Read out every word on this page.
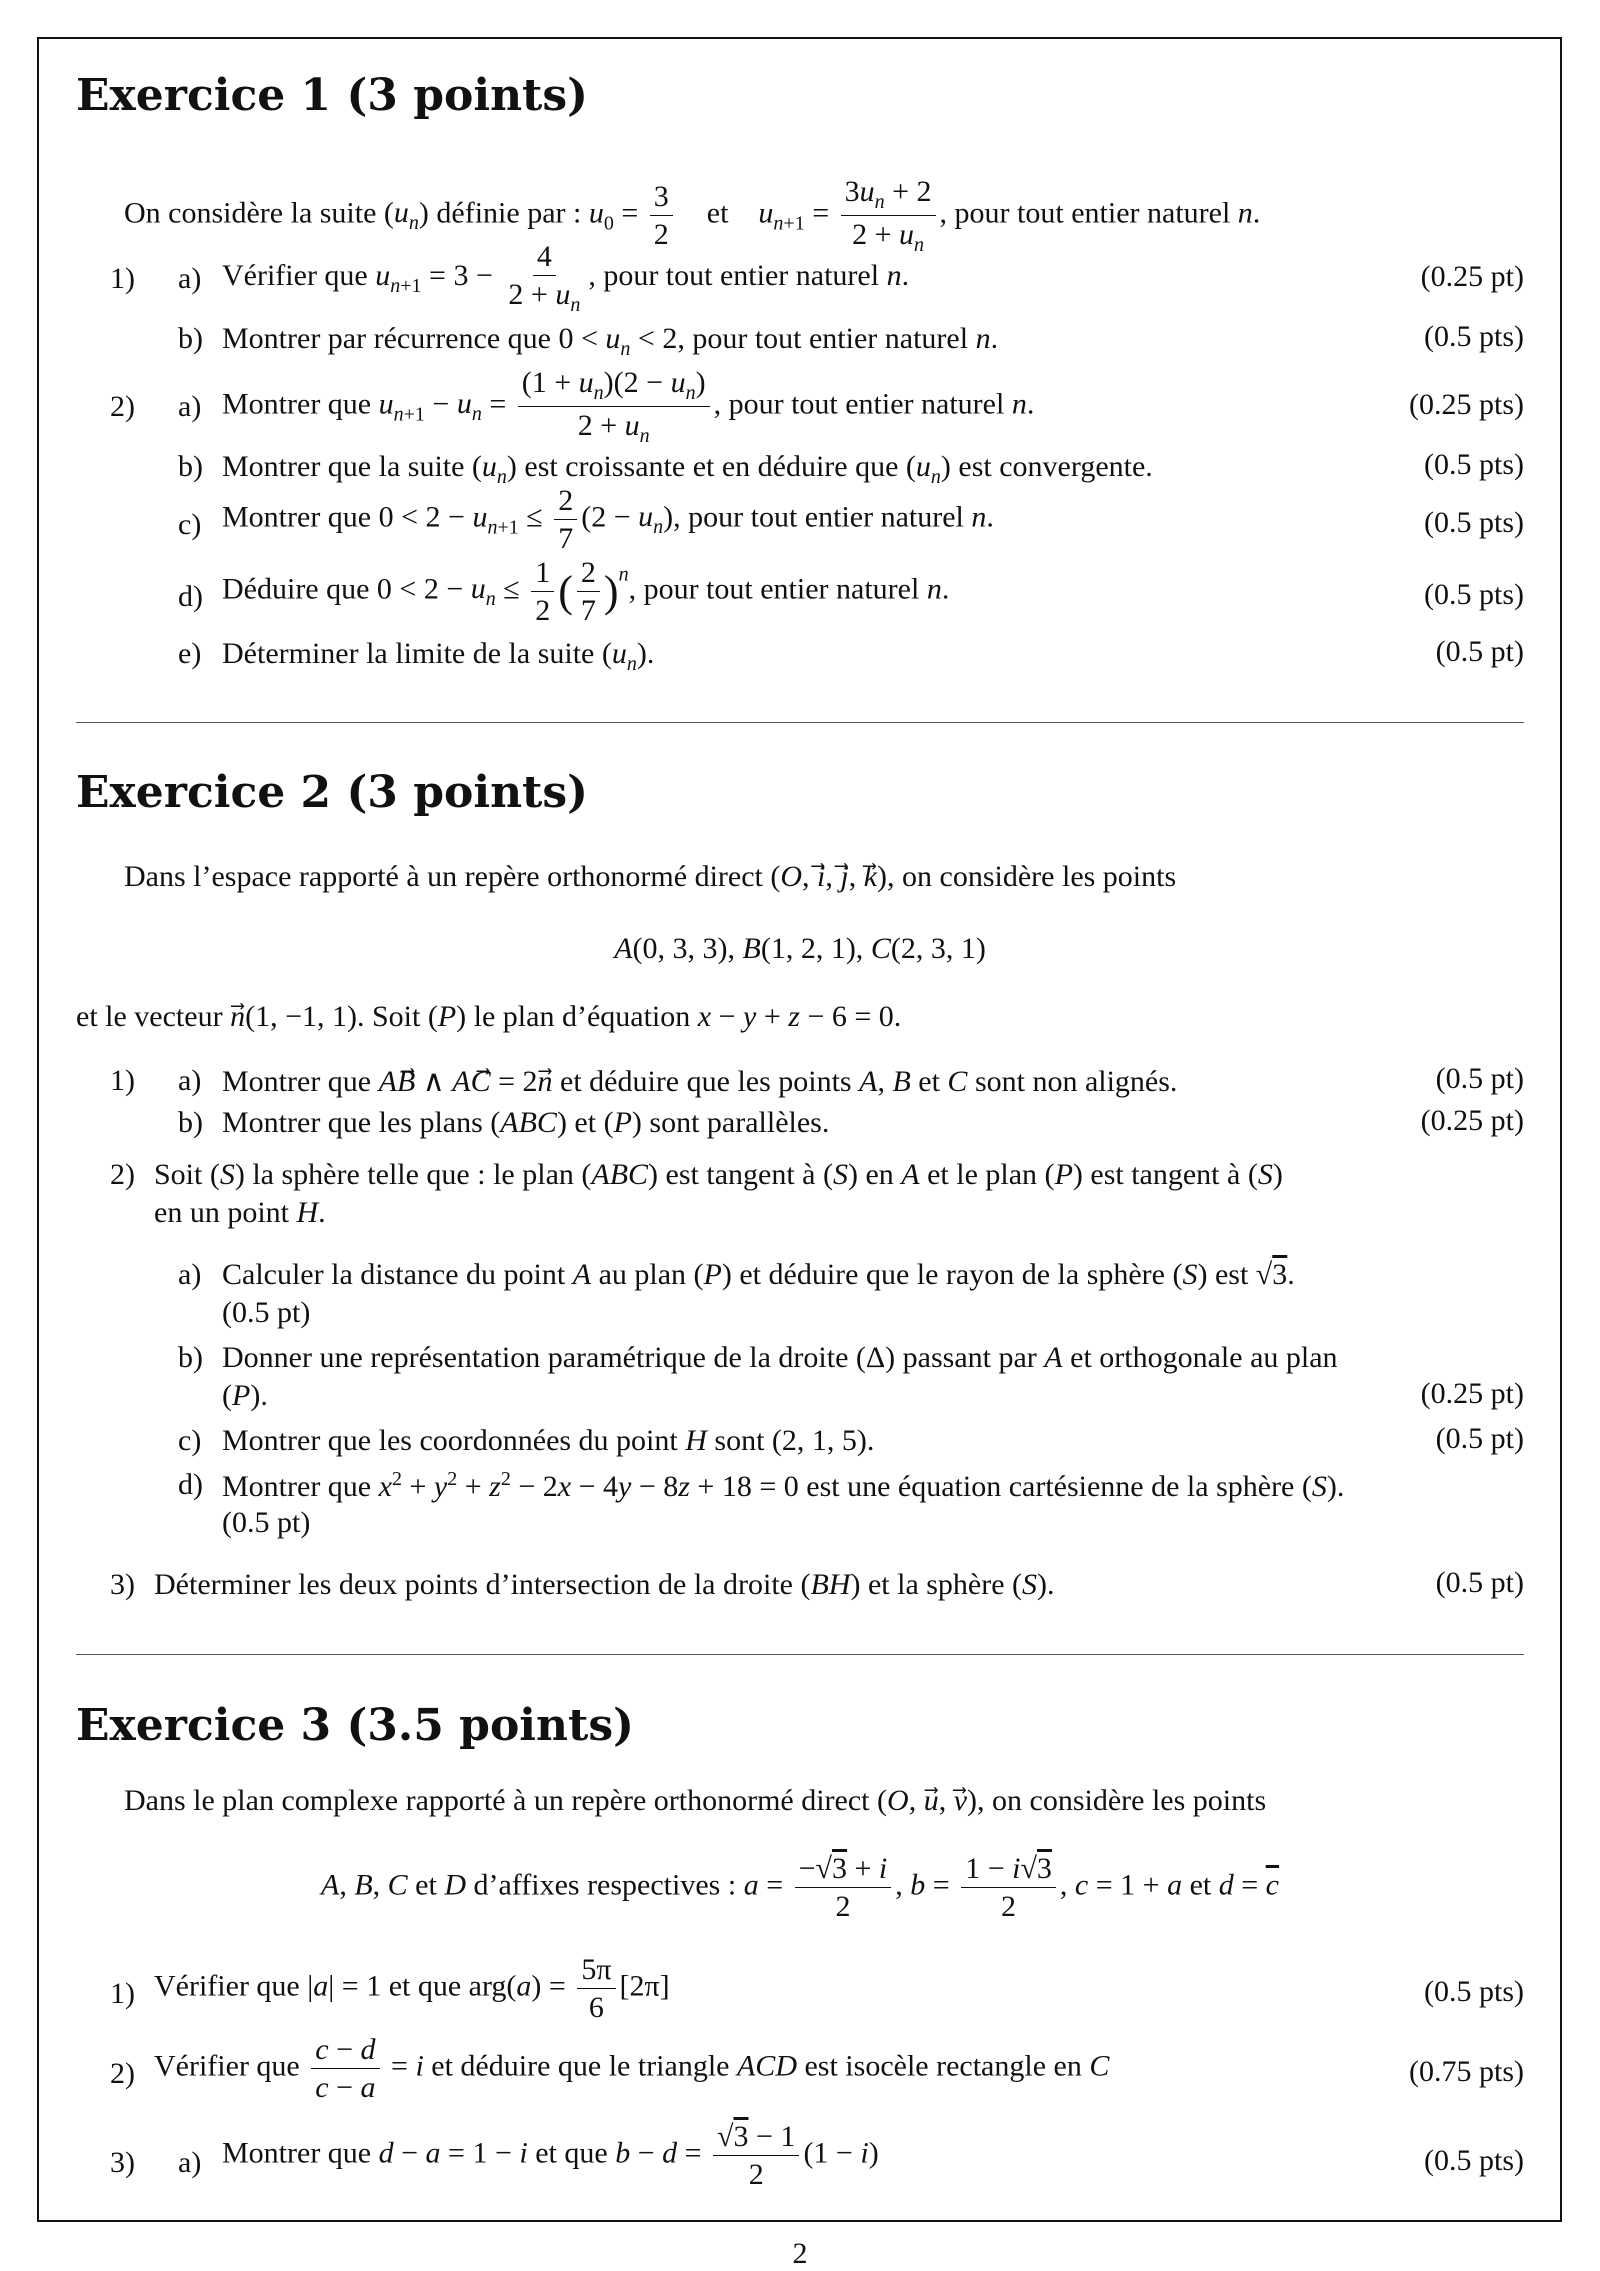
Exercice 1 (3 points)
On considère la suite $(u_n)$ définie par : $u_0 = \frac{3}{2}$ et    $u_{n+1} = \frac{3u_n + 2}{2 + u_n}$ , pour tout entier naturel n.
1) a) Vérifier que $u_{n+1} = 3 - \frac{4}{2 + u_n}$ , pour tout entier naturel n.	(0.25 pt)
b) Montrer par récurrence que $0 < u_n < 2$, pour tout entier naturel n.	(0.5 pts)
2) a) Montrer que $u_{n+1} - u_n = \frac{(1 + u_n)(2 - u_n)}{2 + u_n}$ , pour tout entier naturel n.	(0.25 pts)
b) Montrer que la suite $(u_n)$ est croissante et en déduire que $(u_n)$ est convergente.	(0.5 pts)
c) Montrer que $0 < 2 - u_{n+1} \le \frac{2}{7} (2 - u_n)$, pour tout entier naturel n.	(0.5 pts)
d) Déduire que $0 < 2 - u_n \le \frac{1}{2}$ ( $\frac{2}{7} )^n$, pour tout entier naturel n.	(0.5 pts)
e) Déterminer la limite de la suite $(u_n)$.	(0.5 pt)
Exercice 2 (3 points)
Dans l’espace rapporté à un repère orthonormé direct (O, i⃗, j⃗, k⃗), on considère les points
A(0, 3, 3), B(1, 2, 1), C(2, 3, 1)
et le vecteur n⃗(1, −1, 1). Soit (P) le plan d’équation x − y + z − 6 = 0.
1) a) Montrer que AB⃗ ∧ AC⃗ = 2n⃗ et déduire que les points A, B et C sont non alignés.	(0.5 pt)
b) Montrer que les plans (ABC) et (P) sont parallèles.	(0.25 pt)
2) Soit (S) la sphère telle que : le plan (ABC) est tangent à (S) en A et le plan (P) est tangent à (S)
en un point H.
a) Calculer la distance du point A au plan (P) et déduire que le rayon de la sphère (S) est √3.
(0.5 pt)
b) Donner une représentation paramétrique de la droite (Δ) passant par A et orthogonale au plan
(P).	(0.25 pt)
c) Montrer que les coordonnées du point H sont (2, 1, 5).	(0.5 pt)
d) Montrer que $x^2 + y^2 + z^2 - 2x - 4y - 8z + 18 = 0$ est une équation cartésienne de la sphère (S).
(0.5 pt)
3) Déterminer les deux points d’intersection de la droite (BH) et la sphère (S).	(0.5 pt)
Exercice 3 (3.5 points)
Dans le plan complexe rapporté à un repère orthonormé direct (O, u⃗, v⃗), on considère les points
A, B, C et D d’affixes respectives : $a = \frac{-√3 + i}{2}$ , $b = \frac{1 - i√3}{2}$ , c = 1 + a et $d = \overline{c}$
1) Vérifier que |a| = 1 et que $arg(a) = \frac{5\pi}{6} [2\pi]$	(0.5 pts)
2) Vérifier que $\frac{c - d}{c - a} = i$ et déduire que le triangle ACD est isocèle rectangle en C	(0.75 pts)
3) a) Montrer que d − a = 1 − i et que $b - d = \frac{√3 - 1}{2} (1 - i)$	(0.5 pts)
2
